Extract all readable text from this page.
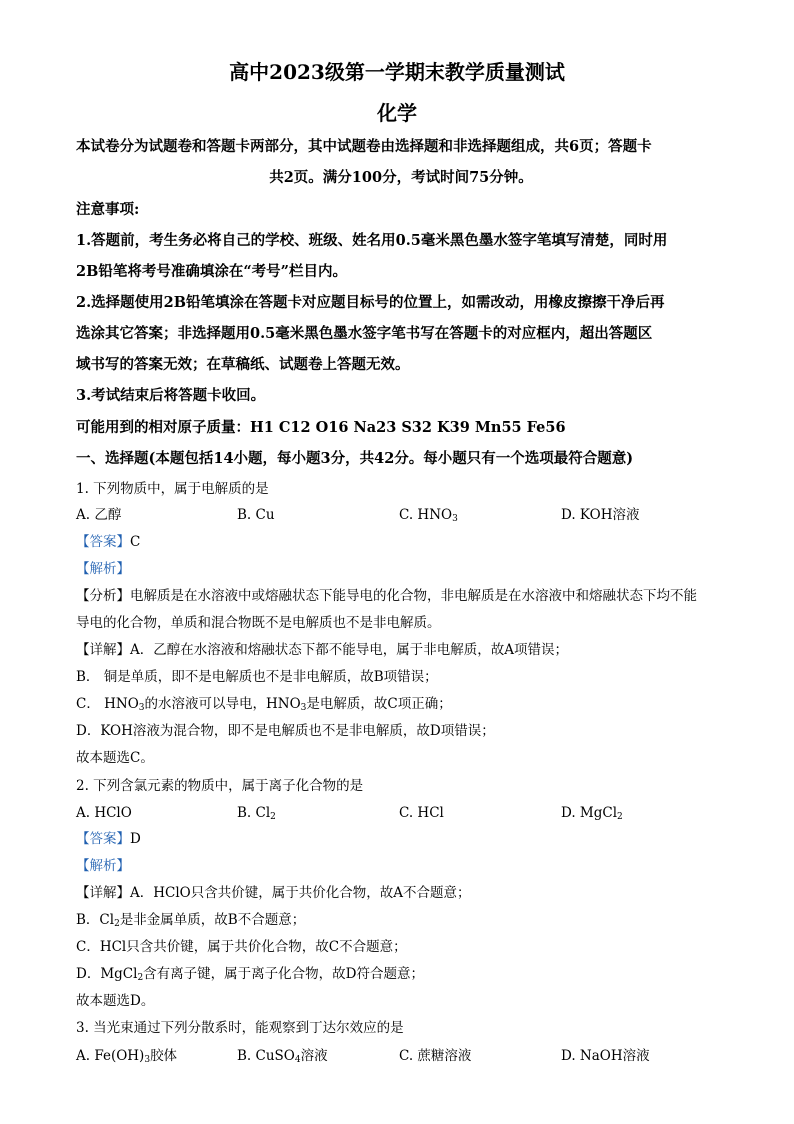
高中2023级第一学期末教学质量测试
化学
本试卷分为试题卷和答题卡两部分，其中试题卷由选择题和非选择题组成，共6页；答题卡
共2页。满分100分，考试时间75分钟。
注意事项:
1.答题前，考生务必将自己的学校、班级、姓名用0.5毫米黑色墨水签字笔填写清楚，同时用
2B铅笔将考号准确填涂在“考号”栏目内。
2.选择题使用2B铅笔填涂在答题卡对应题目标号的位置上，如需改动，用橡皮擦擦干净后再
选涂其它答案；非选择题用0.5毫米黑色墨水签字笔书写在答题卡的对应框内，超出答题区
域书写的答案无效；在草稿纸、试题卷上答题无效。
3.考试结束后将答题卡收回。
可能用到的相对原子质量：H1 C12 O16 Na23 S32 K39 Mn55 Fe56
一、选择题(本题包括14小题，每小题3分，共42分。每小题只有一个选项最符合题意)
1. 下列物质中，属于电解质的是
A. 乙醇	B. Cu	C. $HNO_3$	D. KOH溶液
【答案】C
【解析】
【分析】电解质是在水溶液中或熔融状态下能导电的化合物，非电解质是在水溶液中和熔融状态下均不能
导电的化合物，单质和混合物既不是电解质也不是非电解质。
【详解】A．乙醇在水溶液和熔融状态下都不能导电，属于非电解质，故A项错误；
B． 铜是单质，即不是电解质也不是非电解质，故B项错误；
C． $HNO_3$的水溶液可以导电，$HNO_3$是电解质，故C项正确；
D．KOH溶液为混合物，即不是电解质也不是非电解质，故D项错误；
故本题选C。
2. 下列含氯元素的物质中，属于离子化合物的是
A. HClO	B. $Cl_2$	C. HCl	D. MgCl$_2$
【答案】D
【解析】
【详解】A．HClO只含共价键，属于共价化合物，故A不合题意；
B．$Cl_2$是非金属单质，故B不合题意；
C．HCl只含共价键，属于共价化合物，故C不合题意；
D．MgCl$_2$含有离子键，属于离子化合物，故D符合题意；
故本题选D。
3. 当光束通过下列分散系时，能观察到丁达尔效应的是
A. $Fe(OH)_3$胶体	B. CuSO$_4$溶液	C. 蔗糖溶液	D. NaOH溶液
